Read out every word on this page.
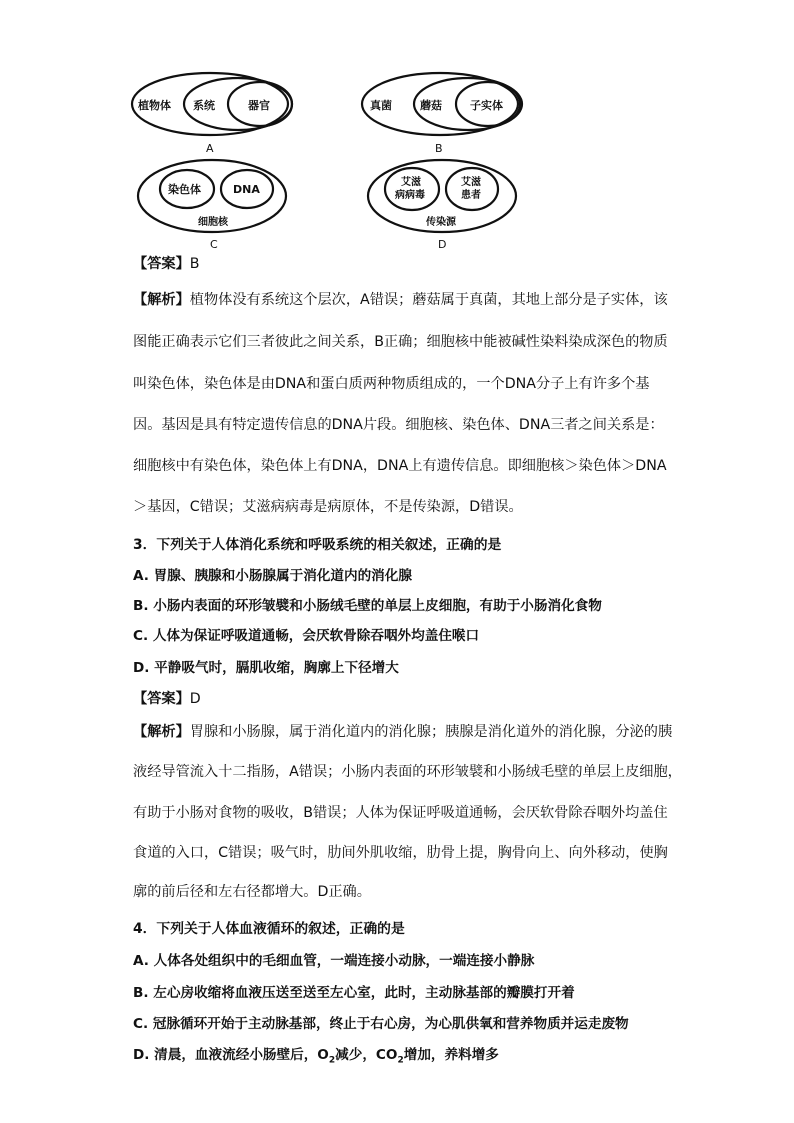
植物体 系统	器官
A
真菌	蘑菇	子实体
B
染色体	DNA
细胞核
C
艾滋
病病毒
艾滋
患者
传染源
D
【答案】B
【解析】植物体没有系统这个层次，A错误；蘑菇属于真菌，其地上部分是子实体，该
图能正确表示它们三者彼此之间关系，B正确；细胞核中能被碱性染料染成深色的物质
叫染色体，染色体是由DNA和蛋白质两种物质组成的，一个DNA分子上有许多个基
因。基因是具有特定遗传信息的DNA片段。细胞核、染色体、DNA三者之间关系是：
细胞核中有染色体，染色体上有DNA，DNA上有遗传信息。即细胞核＞染色体＞DNA
＞基因，C错误；艾滋病病毒是病原体，不是传染源，D错误。
3．下列关于人体消化系统和呼吸系统的相关叙述，正确的是
A. 胃腺、胰腺和小肠腺属于消化道内的消化腺
B. 小肠内表面的环形皱襞和小肠绒毛壁的单层上皮细胞，有助于小肠消化食物
C. 人体为保证呼吸道通畅，会厌软骨除吞咽外均盖住喉口
D. 平静吸气时，膈肌收缩，胸廓上下径增大
【答案】D
【解析】胃腺和小肠腺，属于消化道内的消化腺；胰腺是消化道外的消化腺，分泌的胰
液经导管流入十二指肠，A错误；小肠内表面的环形皱襞和小肠绒毛壁的单层上皮细胞，
有助于小肠对食物的吸收，B错误；人体为保证呼吸道通畅，会厌软骨除吞咽外均盖住
食道的入口，C错误；吸气时，肋间外肌收缩，肋骨上提，胸骨向上、向外移动，使胸
廓的前后径和左右径都增大。D正确。
4．下列关于人体血液循环的叙述，正确的是
A. 人体各处组织中的毛细血管，一端连接小动脉，一端连接小静脉
B. 左心房收缩将血液压送至送至左心室，此时，主动脉基部的瓣膜打开着
C. 冠脉循环开始于主动脉基部，终止于右心房，为心肌供氧和营养物质并运走废物
D. 清晨，血液流经小肠壁后，$O_2$减少，$CO_2$增加，养料增多
